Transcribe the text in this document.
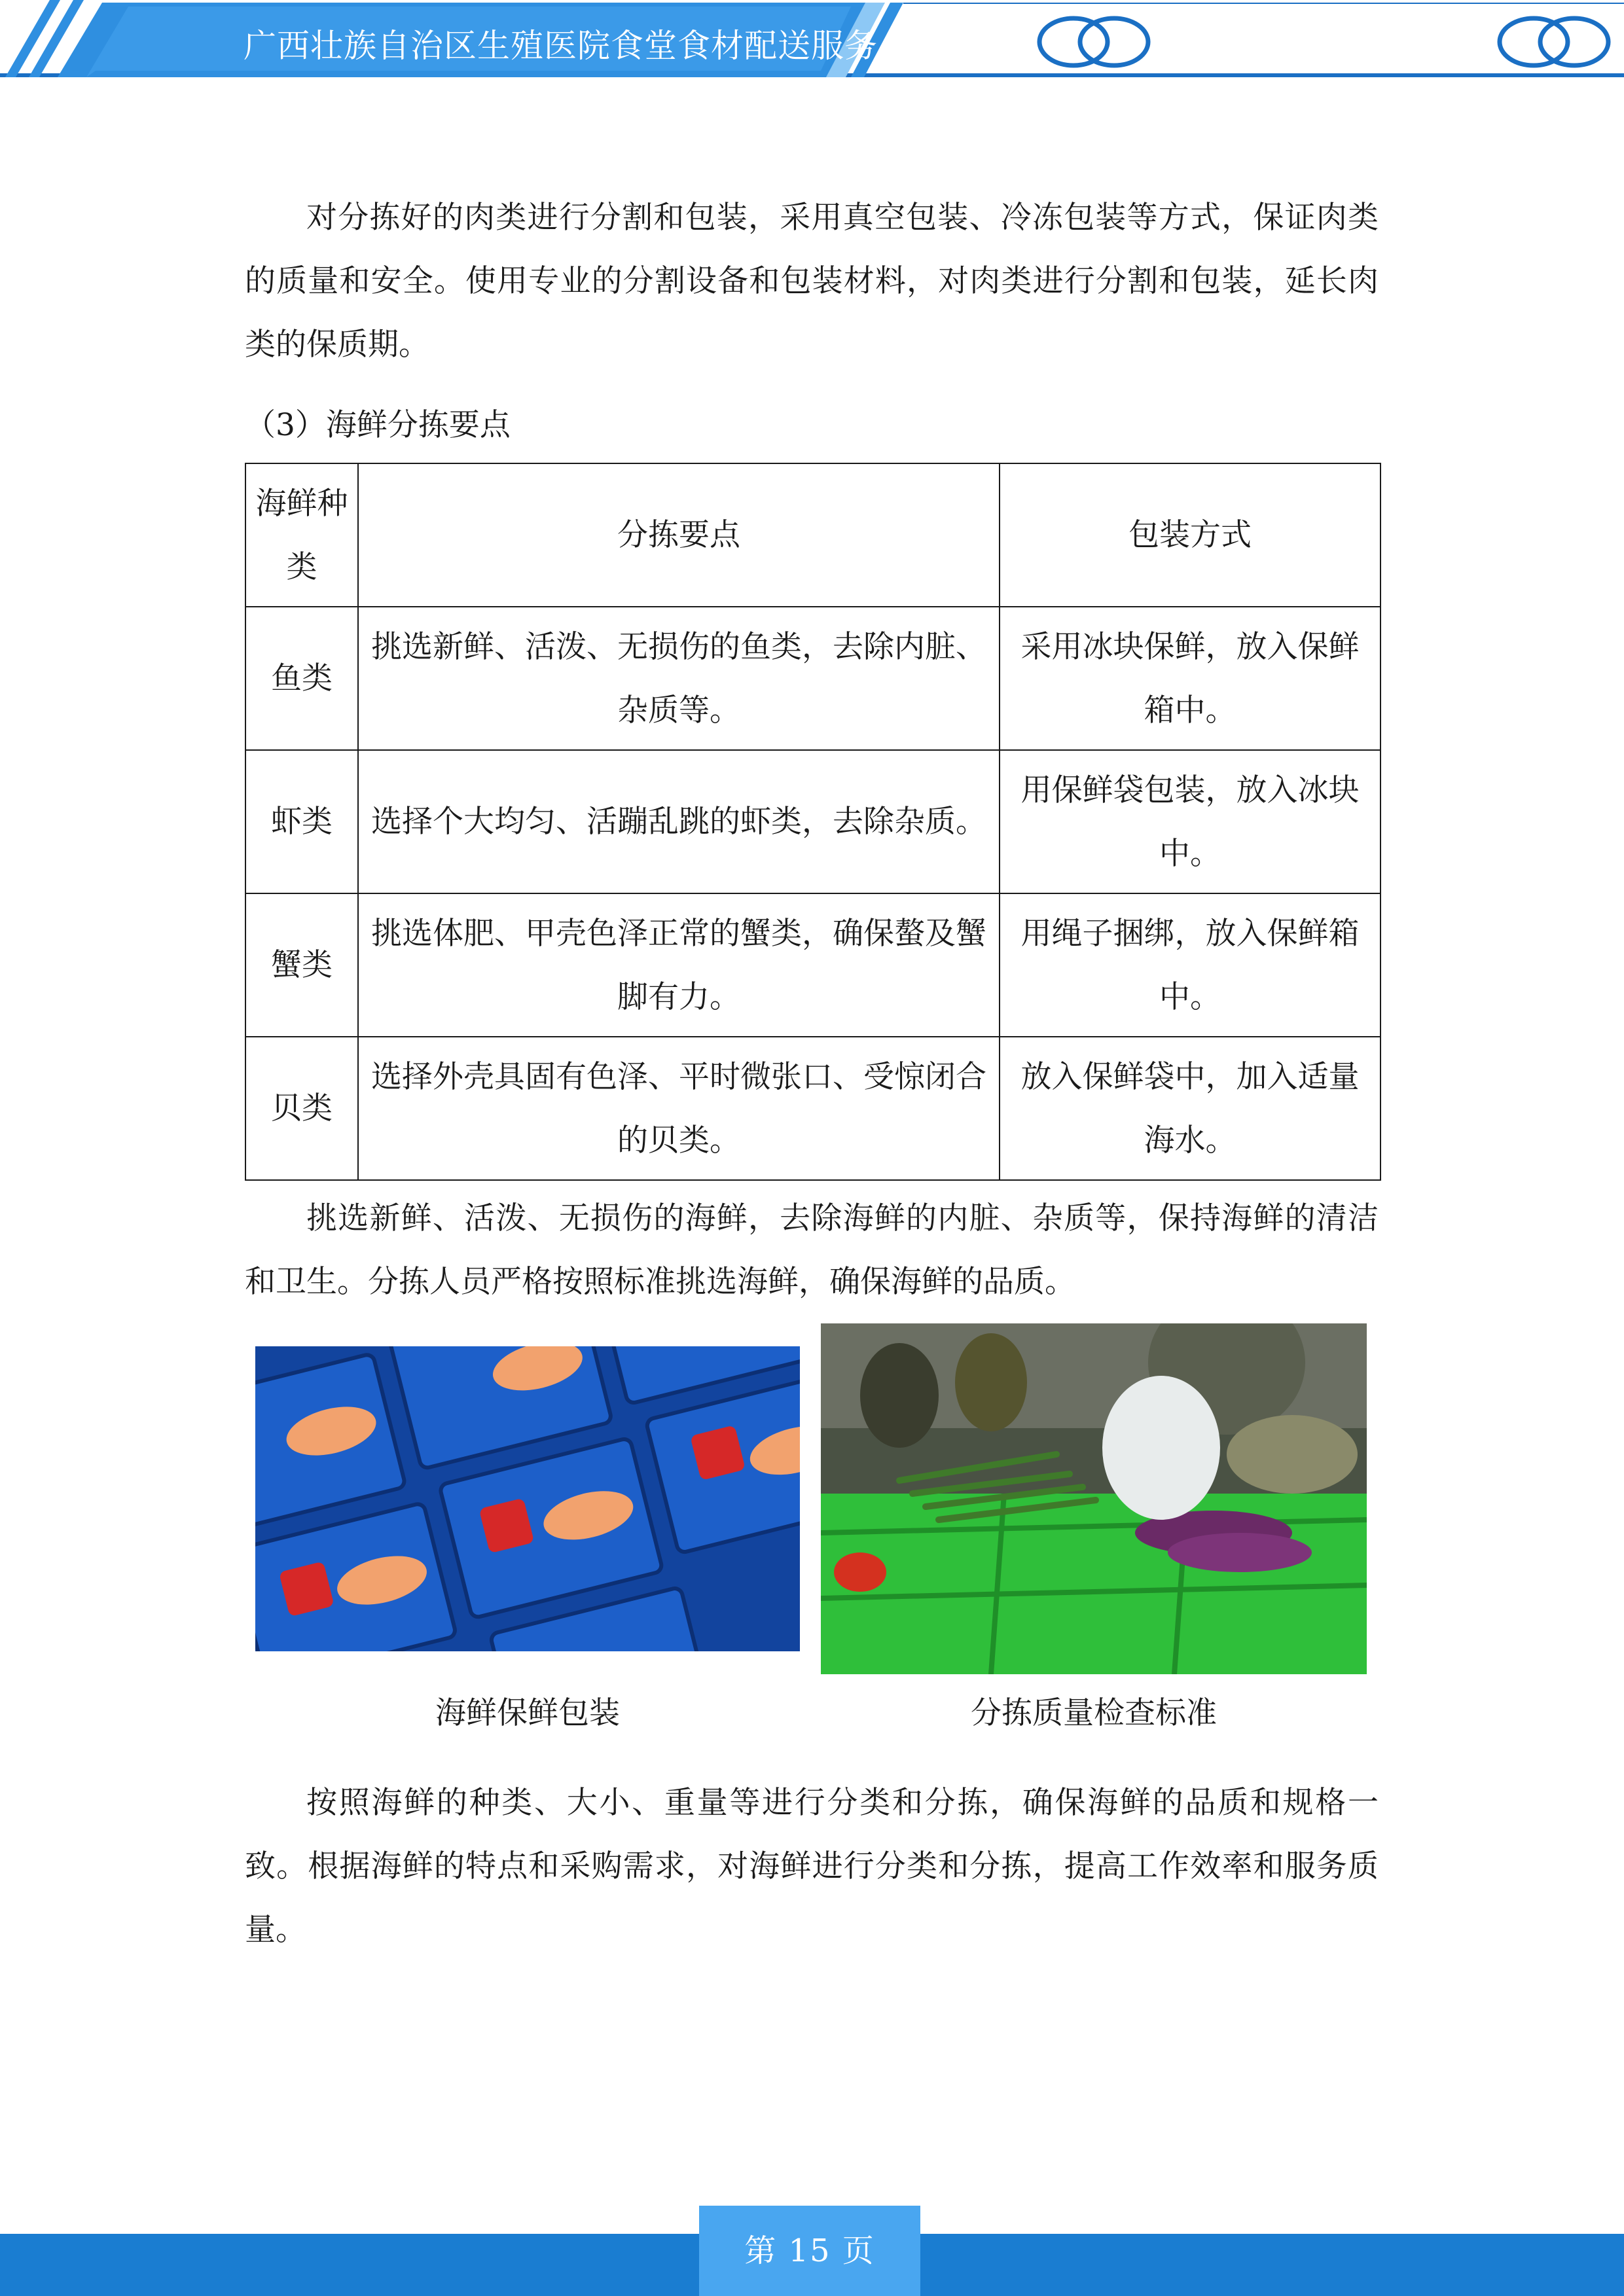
广西壮族自治区生殖医院食堂食材配送服务

对分拣好的肉类进行分割和包装，采用真空包装、冷冻包装等方式，保证肉类的质量和安全。使用专业的分割设备和包装材料，对肉类进行分割和包装，延长肉类的保质期。

（3）海鲜分拣要点

海鲜种类	分拣要点	包装方式
鱼类	挑选新鲜、活泼、无损伤的鱼类，去除内脏、杂质等。	采用冰块保鲜，放入保鲜箱中。
虾类	选择个大均匀、活蹦乱跳的虾类，去除杂质。	用保鲜袋包装，放入冰块中。
蟹类	挑选体肥、甲壳色泽正常的蟹类，确保螯及蟹脚有力。	用绳子捆绑，放入保鲜箱中。
贝类	选择外壳具固有色泽、平时微张口、受惊闭合的贝类。	放入保鲜袋中，加入适量海水。

挑选新鲜、活泼、无损伤的海鲜，去除海鲜的内脏、杂质等，保持海鲜的清洁和卫生。分拣人员严格按照标准挑选海鲜，确保海鲜的品质。

海鲜保鲜包装	分拣质量检查标准

按照海鲜的种类、大小、重量等进行分类和分拣，确保海鲜的品质和规格一致。根据海鲜的特点和采购需求，对海鲜进行分类和分拣，提高工作效率和服务质量。

第 15 页
